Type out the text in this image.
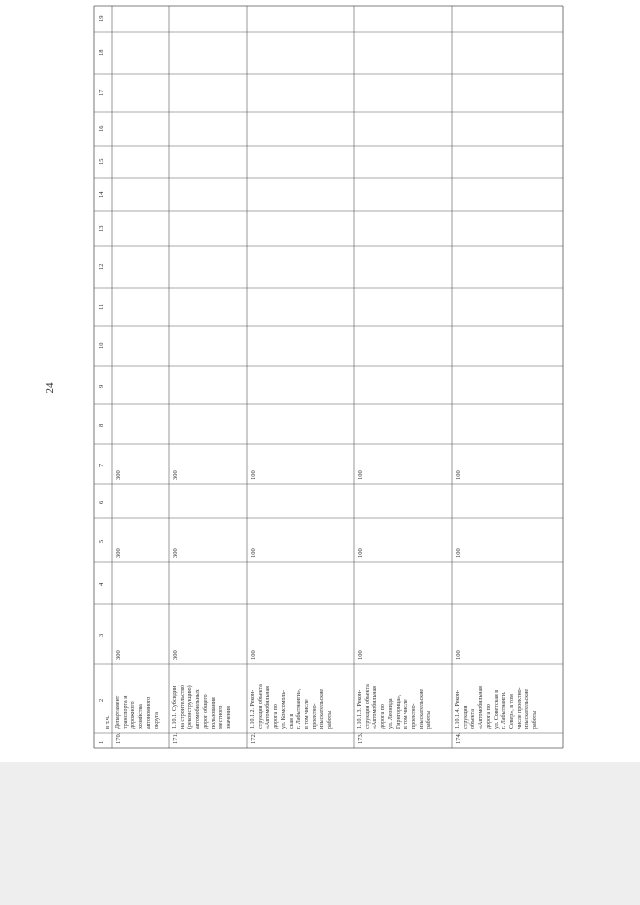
24
1
2
3
4
5
6
7
8
9
10
11
12
13
14
15
16
17
18
19
в т.ч.
170.
Департамент транспорта и дорожного хозяйства автономного округа
300
300
300
171.
1.10.1. Субсидии на строительство (реконструкцию) автомобильных дорог общего пользования местного значения
300
300
300
172.
1.10.1.2. Рекон- струкция объекта «Автомобильная дорога по ул. Комсомоль- ская в г. Лабытнанги», в том числе проектно- изыскательские работы
100
100
100
173.
1.10.1.3. Рекон- струкция объекта «Автомобильная дорога по ул. Леонида Гирнгорица», в том числе проектно- изыскательские работы
100
100
100
174.
1.10.1.4. Рекон- струкция объекта «Автомобильная дорога по ул. Советская в г. Лабытнанги. Север», в том числе проектно- изыскательские работы
100
100
100
